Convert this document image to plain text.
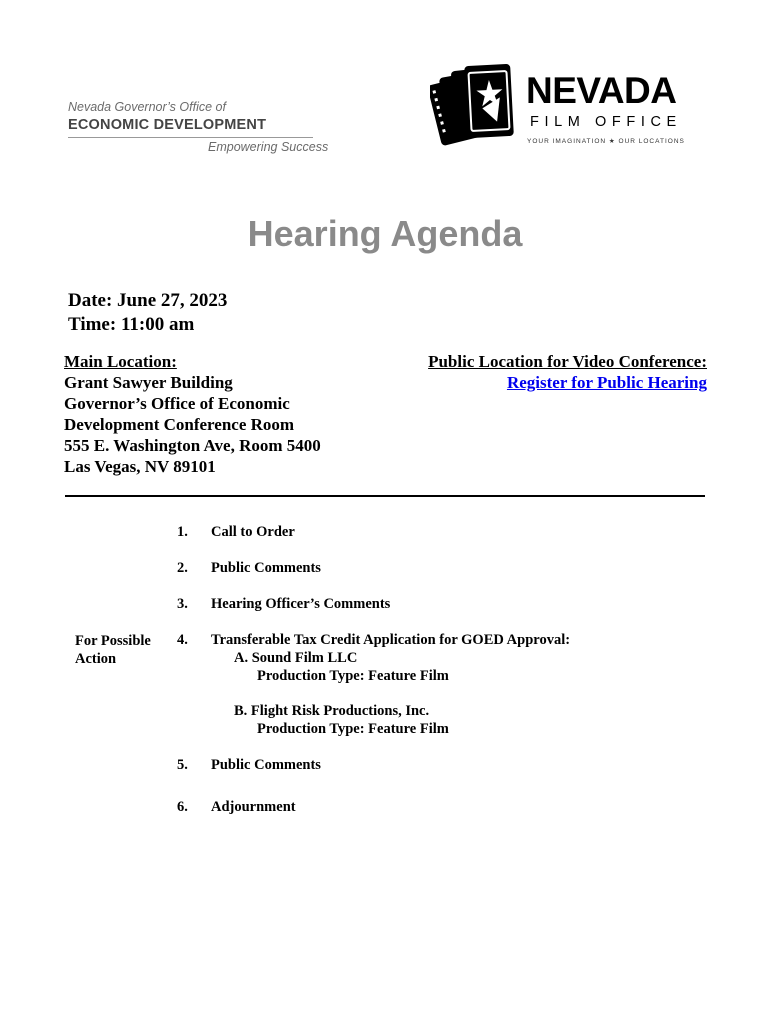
Nevada Governor’s Office of
ECONOMIC DEVELOPMENT
Empowering Success
NEVADA
FILM OFFICE
YOUR IMAGINATION ★ OUR LOCATIONS
Hearing Agenda
Date: June 27, 2023
Time: 11:00 am
Main Location:
Grant Sawyer Building
Governor’s Office of Economic
Development Conference Room
555 E. Washington Ave, Room 5400
Las Vegas, NV 89101
Public Location for Video Conference:
Register for Public Hearing
1. Call to Order
2. Public Comments
3. Hearing Officer’s Comments
For Possible
Action
4. Transferable Tax Credit Application for GOED Approval:
A. Sound Film LLC
Production Type: Feature Film
B. Flight Risk Productions, Inc.
Production Type: Feature Film
5. Public Comments
6. Adjournment
